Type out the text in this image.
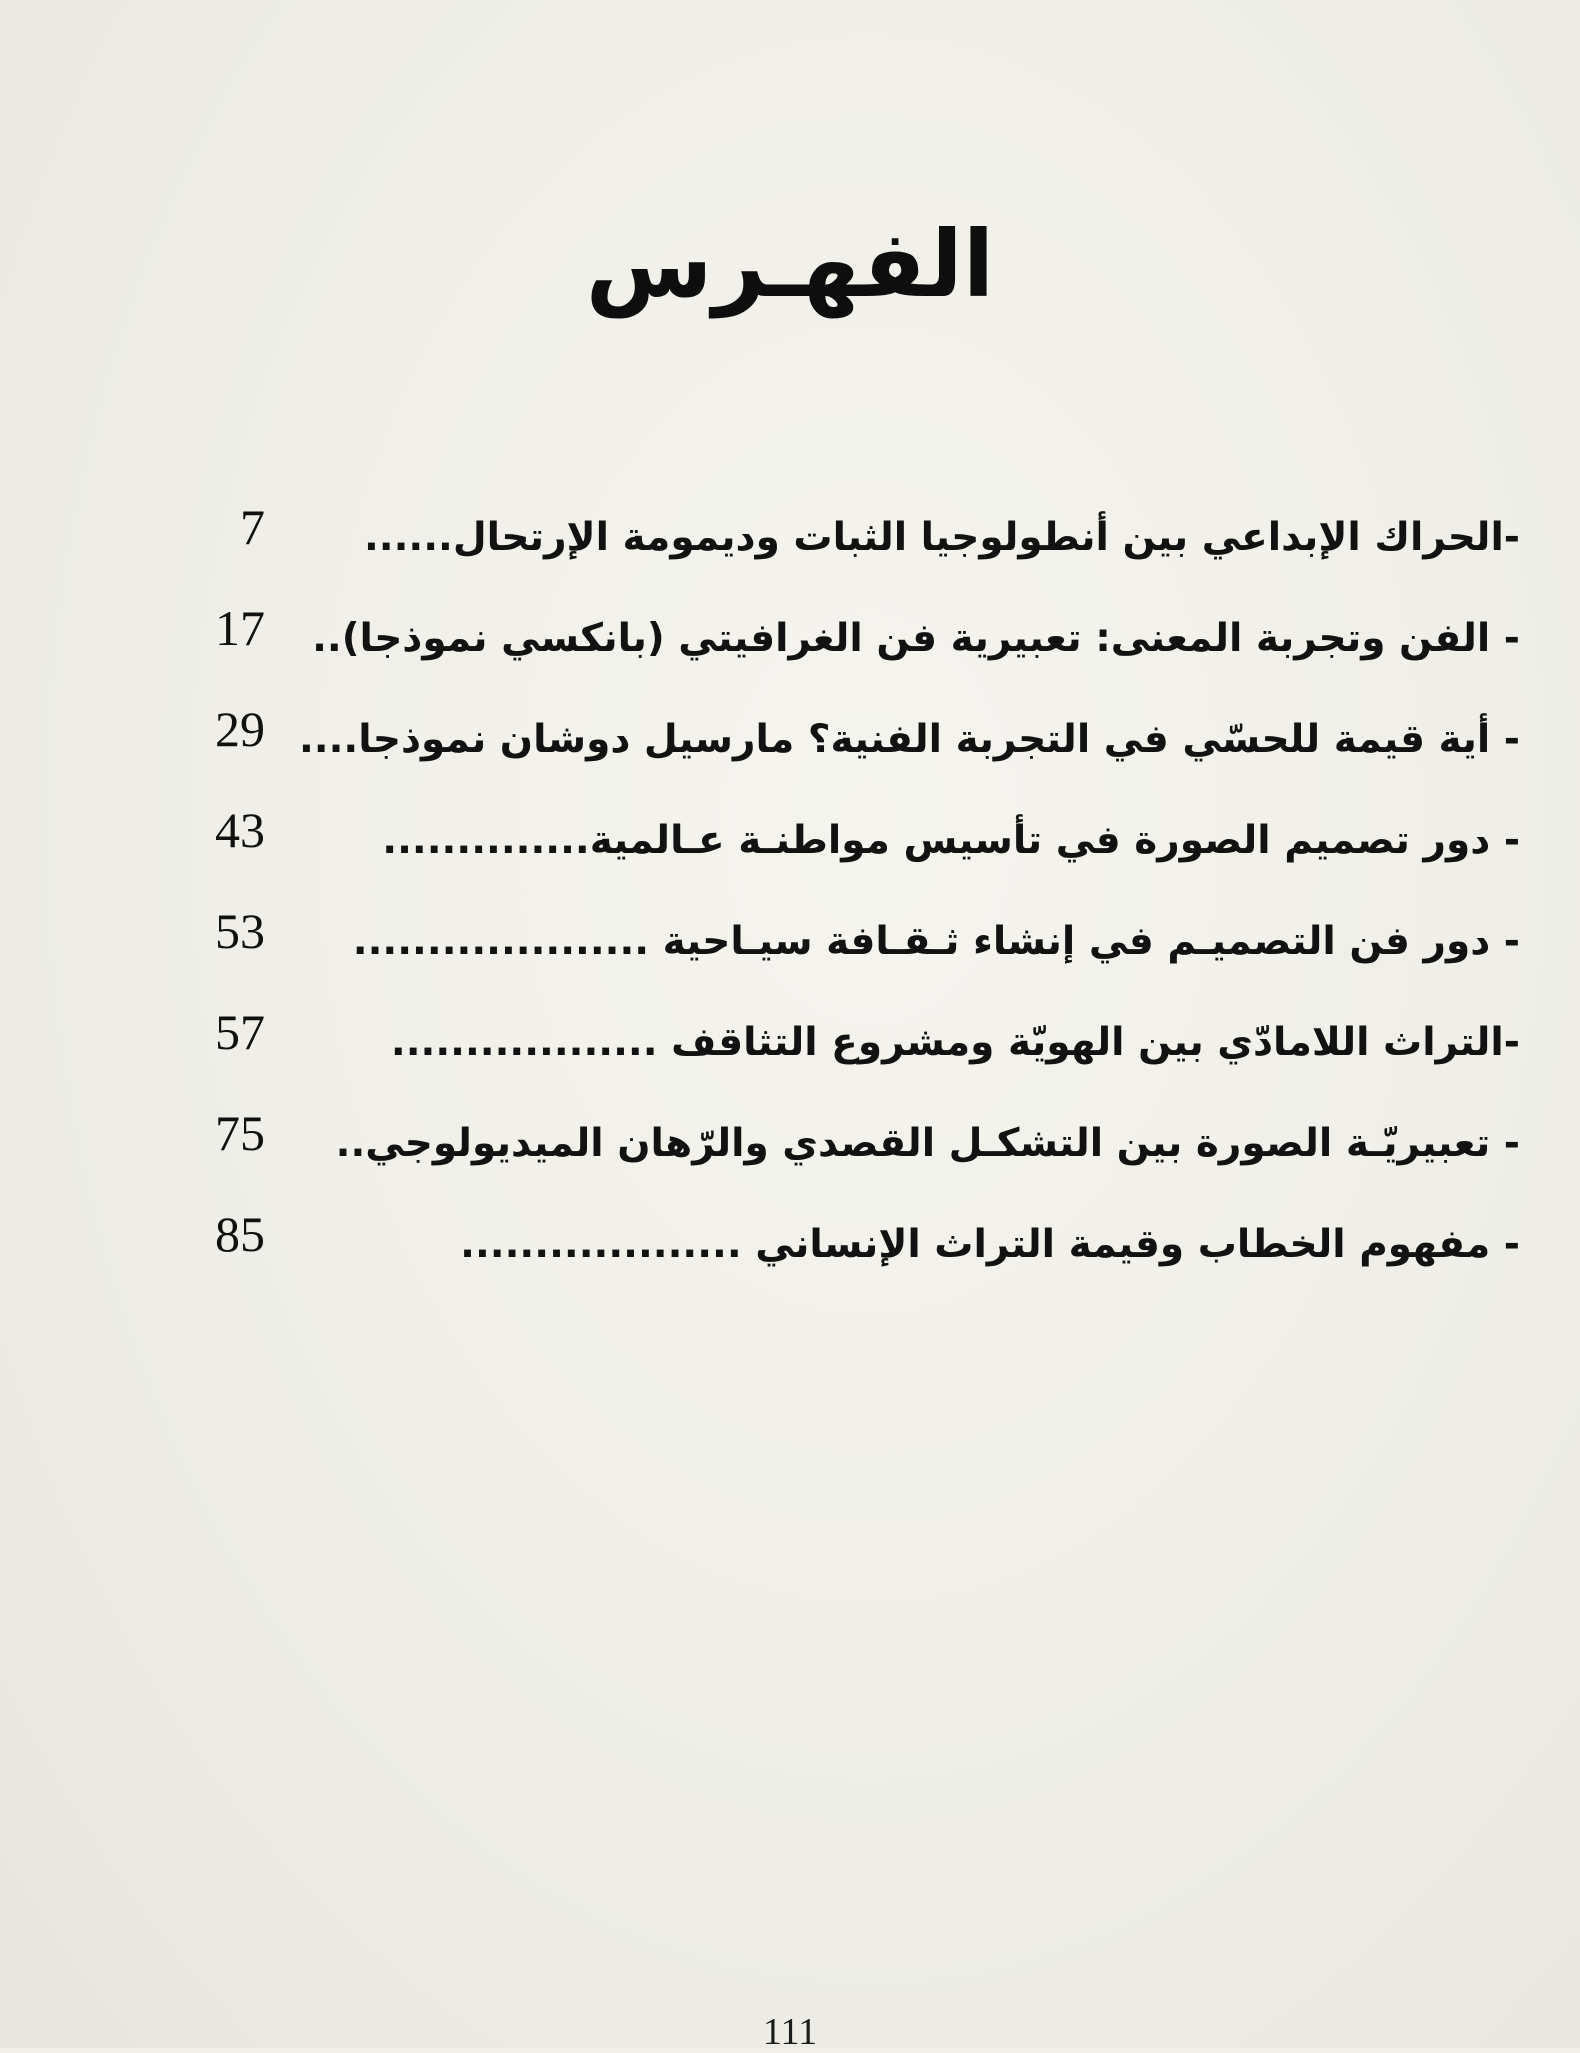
الفهـرس
7	-الحراك الإبداعي بين أنطولوجيا الثبات وديمومة الإرتحال......
17	- الفن وتجربة المعنى: تعبيرية فن الغرافيتي (بانكسي نموذجا)..
29 - أية قيمة للحسّي في التجربة الفنية؟ مارسيل دوشان نموذجا....
43	- دور تصميم الصورة في تأسيس مواطنـة عـالمية..............
53	- دور فن التصميـم في إنشاء ثـقـافة سيـاحية ....................
57	-التراث اللامادّي بين الهويّة ومشروع التثاقف ..................
75	- تعبيريّـة الصورة بين التشكـل القصدي والرّهان الميديولوجي..
85	- مفهوم الخطاب وقيمة التراث الإنساني ...................
111
